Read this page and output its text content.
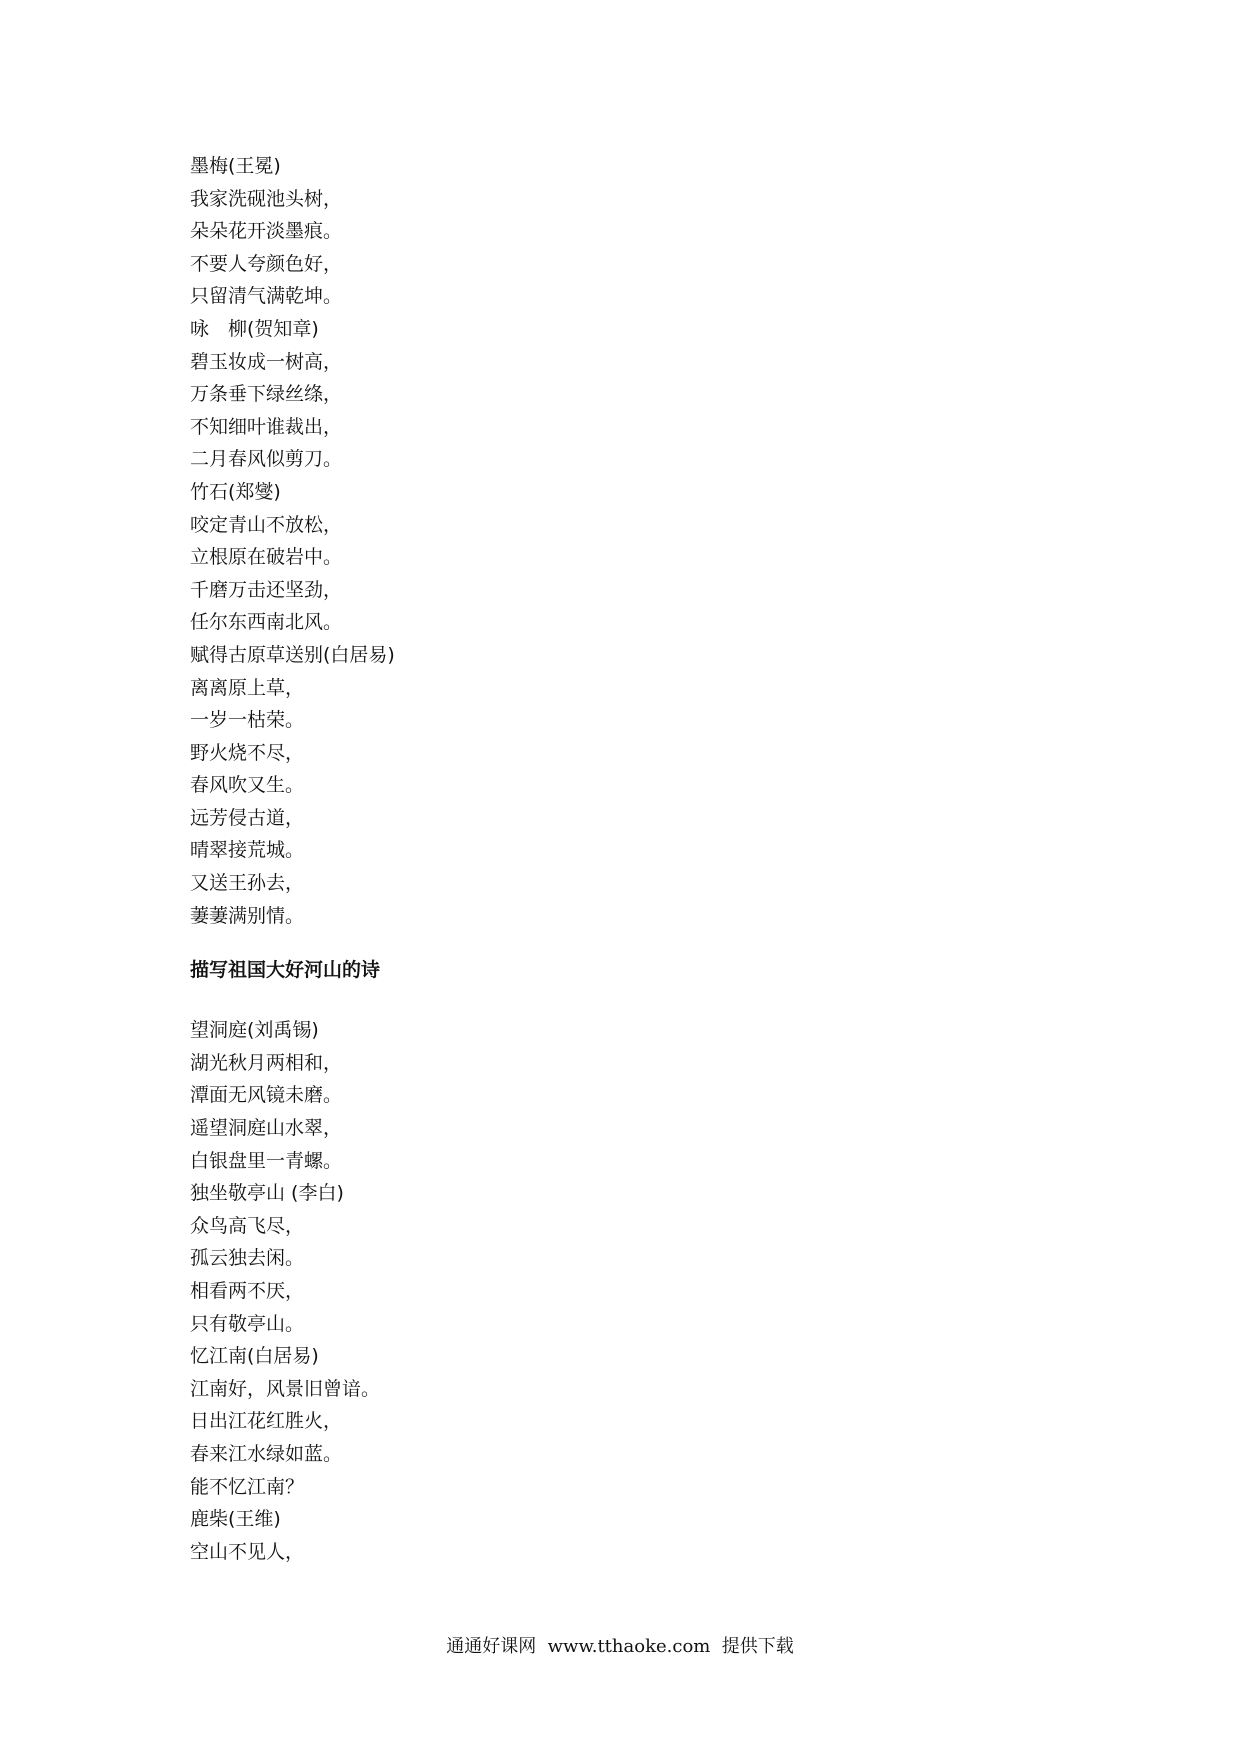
墨梅(王冕)
我家洗砚池头树，
朵朵花开淡墨痕。
不要人夸颜色好，
只留清气满乾坤。
咏　柳(贺知章)
碧玉妆成一树高，
万条垂下绿丝绦，
不知细叶谁裁出，
二月春风似剪刀。
竹石(郑燮)
咬定青山不放松，
立根原在破岩中。
千磨万击还坚劲，
任尔东西南北风。
赋得古原草送别(白居易)
离离原上草，
一岁一枯荣。
野火烧不尽，
春风吹又生。
远芳侵古道，
晴翠接荒城。
又送王孙去，
萋萋满别情。
描写祖国大好河山的诗
望洞庭(刘禹锡)
湖光秋月两相和，
潭面无风镜未磨。
遥望洞庭山水翠，
白银盘里一青螺。
独坐敬亭山 (李白)
众鸟高飞尽，
孤云独去闲。
相看两不厌，
只有敬亭山。
忆江南(白居易)
江南好，风景旧曾谙。
日出江花红胜火，
春来江水绿如蓝。
能不忆江南？
鹿柴(王维)
空山不见人，
通通好课网  www.tthaoke.com  提供下载
